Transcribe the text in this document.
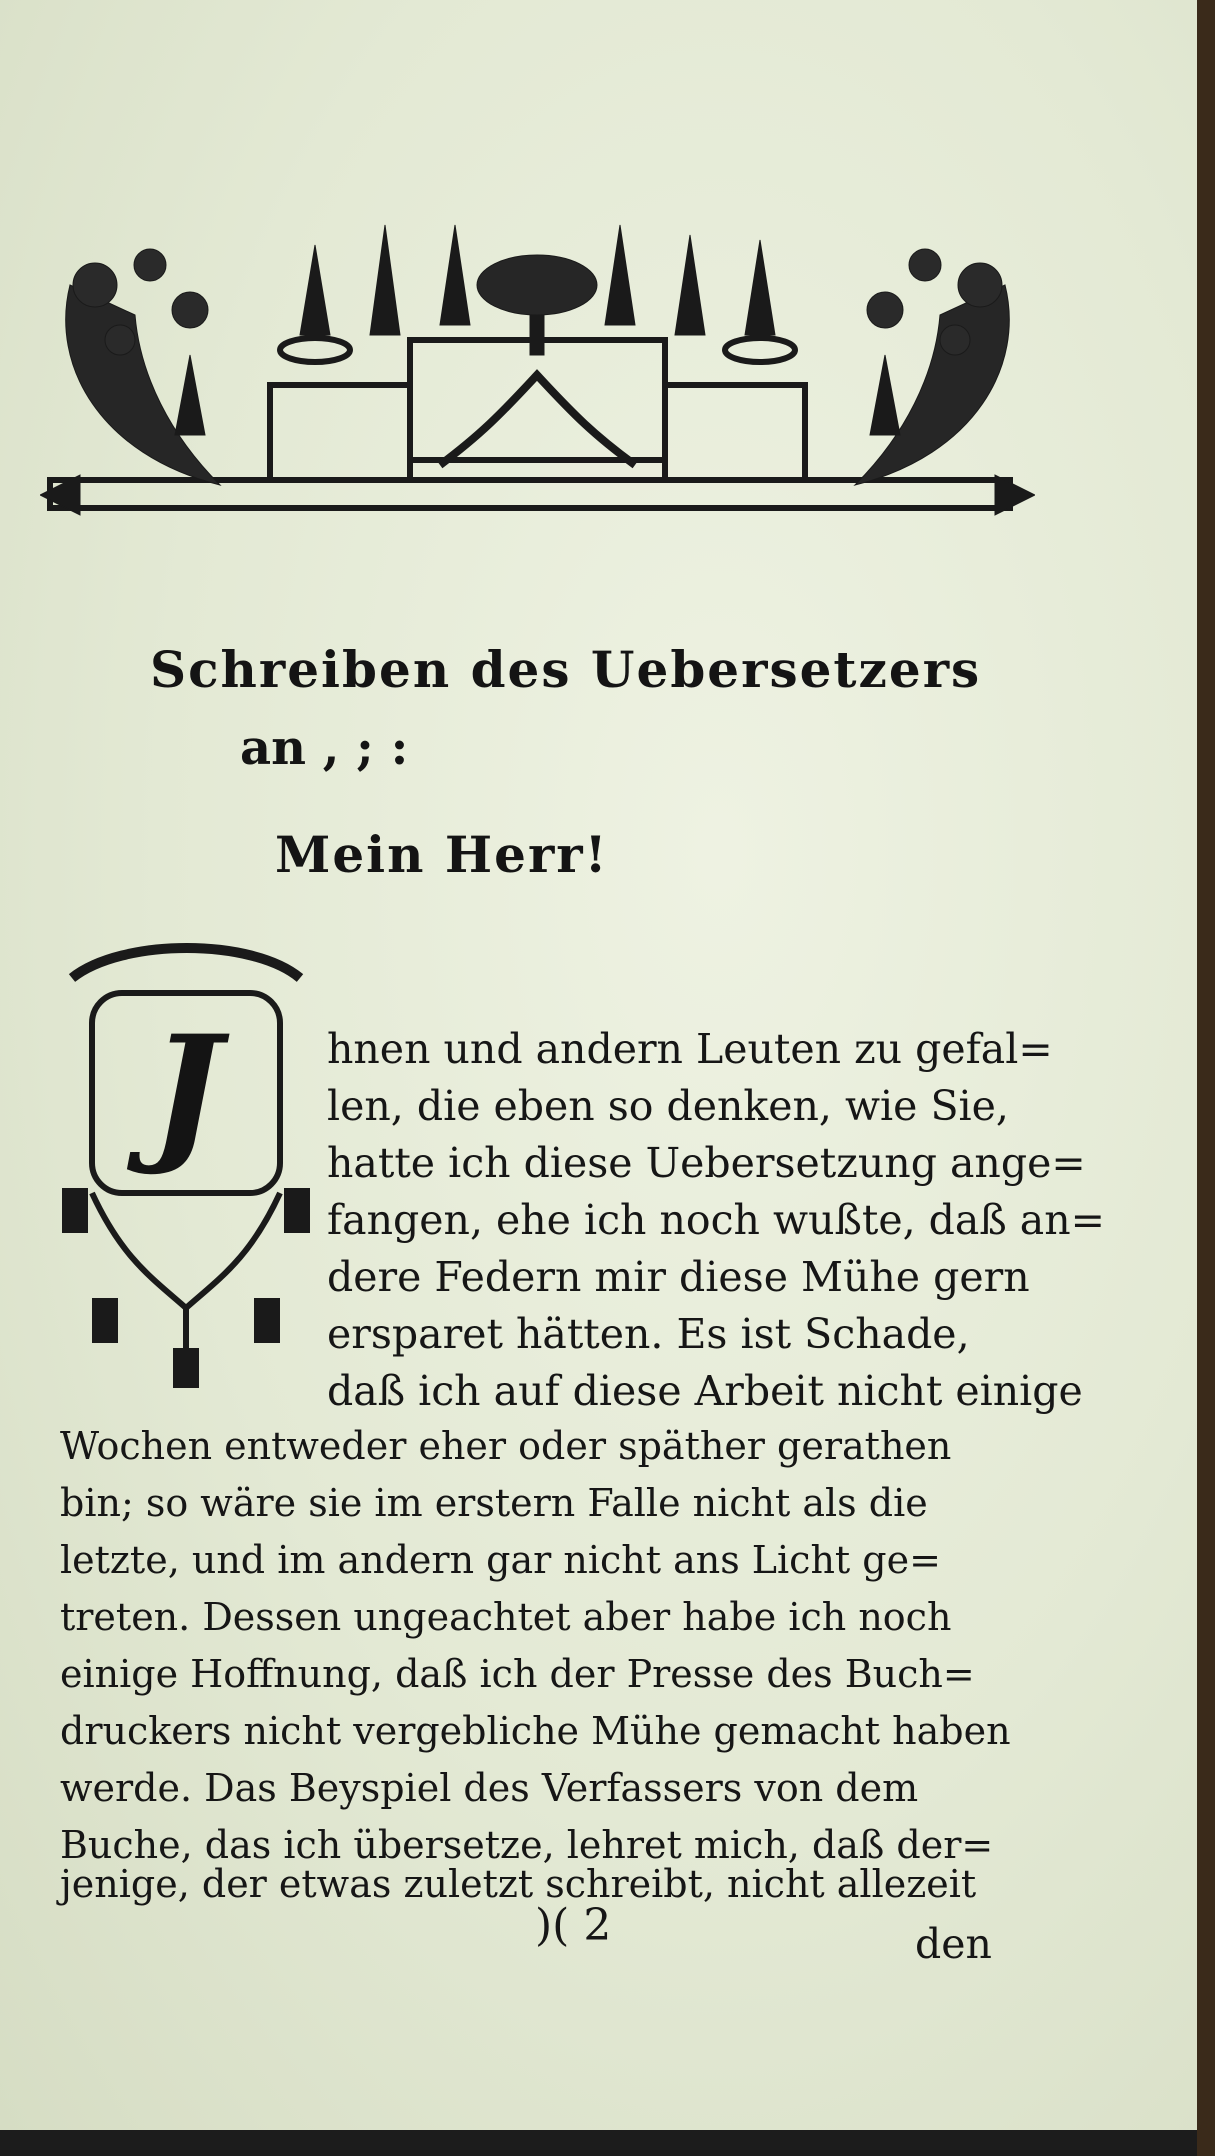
Schreiben des Uebersetzers
an , ; :
Mein Herr!
J	hnen und andern Leuten zu gefal=
len, die eben so denken, wie Sie,
hatte ich diese Uebersetzung ange=
fangen, ehe ich noch wußte, daß an=
dere Federn mir diese Mühe gern
ersparet hätten. Es ist Schade,
daß ich auf diese Arbeit nicht einige
Wochen entweder eher oder späther gerathen
bin; so wäre sie im erstern Falle nicht als die
letzte, und im andern gar nicht ans Licht ge=
treten. Dessen ungeachtet aber habe ich noch
einige Hoffnung, daß ich der Presse des Buch=
druckers nicht vergebliche Mühe gemacht haben
werde. Das Beyspiel des Verfassers von dem
Buche, das ich übersetze, lehret mich, daß der=
jenige, der etwas zuletzt schreibt, nicht allezeit
)( 2	den
